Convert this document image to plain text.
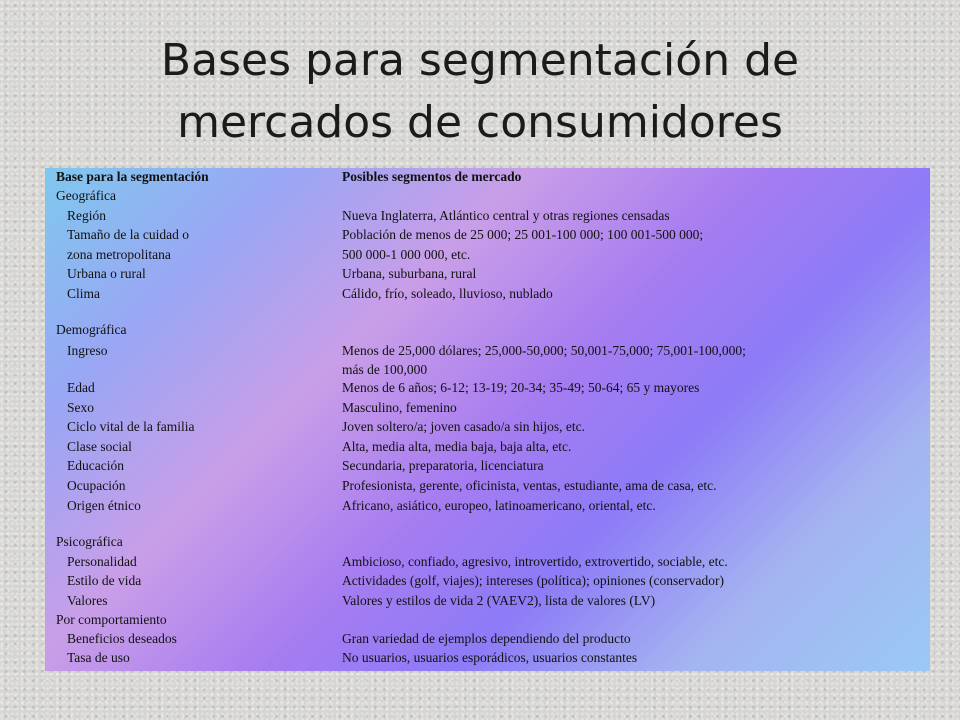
Bases para segmentación de
mercados de consumidores
Base para la segmentación	Posibles segmentos de mercado
Geográfica
Región	Nueva Inglaterra, Atlántico central y otras regiones censadas
Tamaño de la cuidad o	Población de menos de 25 000; 25 001-100 000; 100 001-500 000;
zona metropolitana	500 000-1 000 000, etc.
Urbana o rural	Urbana, suburbana, rural
Clima	Cálido, frío, soleado, lluvioso, nublado
Demográfica
Ingreso	Menos de 25,000 dólares; 25,000-50,000; 50,001-75,000; 75,001-100,000;
más de 100,000
Edad	Menos de 6 años; 6-12; 13-19; 20-34; 35-49; 50-64; 65 y mayores
Sexo	Masculino, femenino
Ciclo vital de la familia	Joven soltero/a; joven casado/a sin hijos, etc.
Clase social	Alta, media alta, media baja, baja alta, etc.
Educación	Secundaria, preparatoria, licenciatura
Ocupación	Profesionista, gerente, oficinista, ventas, estudiante, ama de casa, etc.
Origen étnico	Africano, asiático, europeo, latinoamericano, oriental, etc.
Psicográfica
Personalidad	Ambicioso, confiado, agresivo, introvertido, extrovertido, sociable, etc.
Estilo de vida	Actividades (golf, viajes); intereses (política); opiniones (conservador)
Valores	Valores y estilos de vida 2 (VAEV2), lista de valores (LV)
Por comportamiento
Beneficios deseados	Gran variedad de ejemplos dependiendo del producto
Tasa de uso	No usuarios, usuarios esporádicos, usuarios constantes
